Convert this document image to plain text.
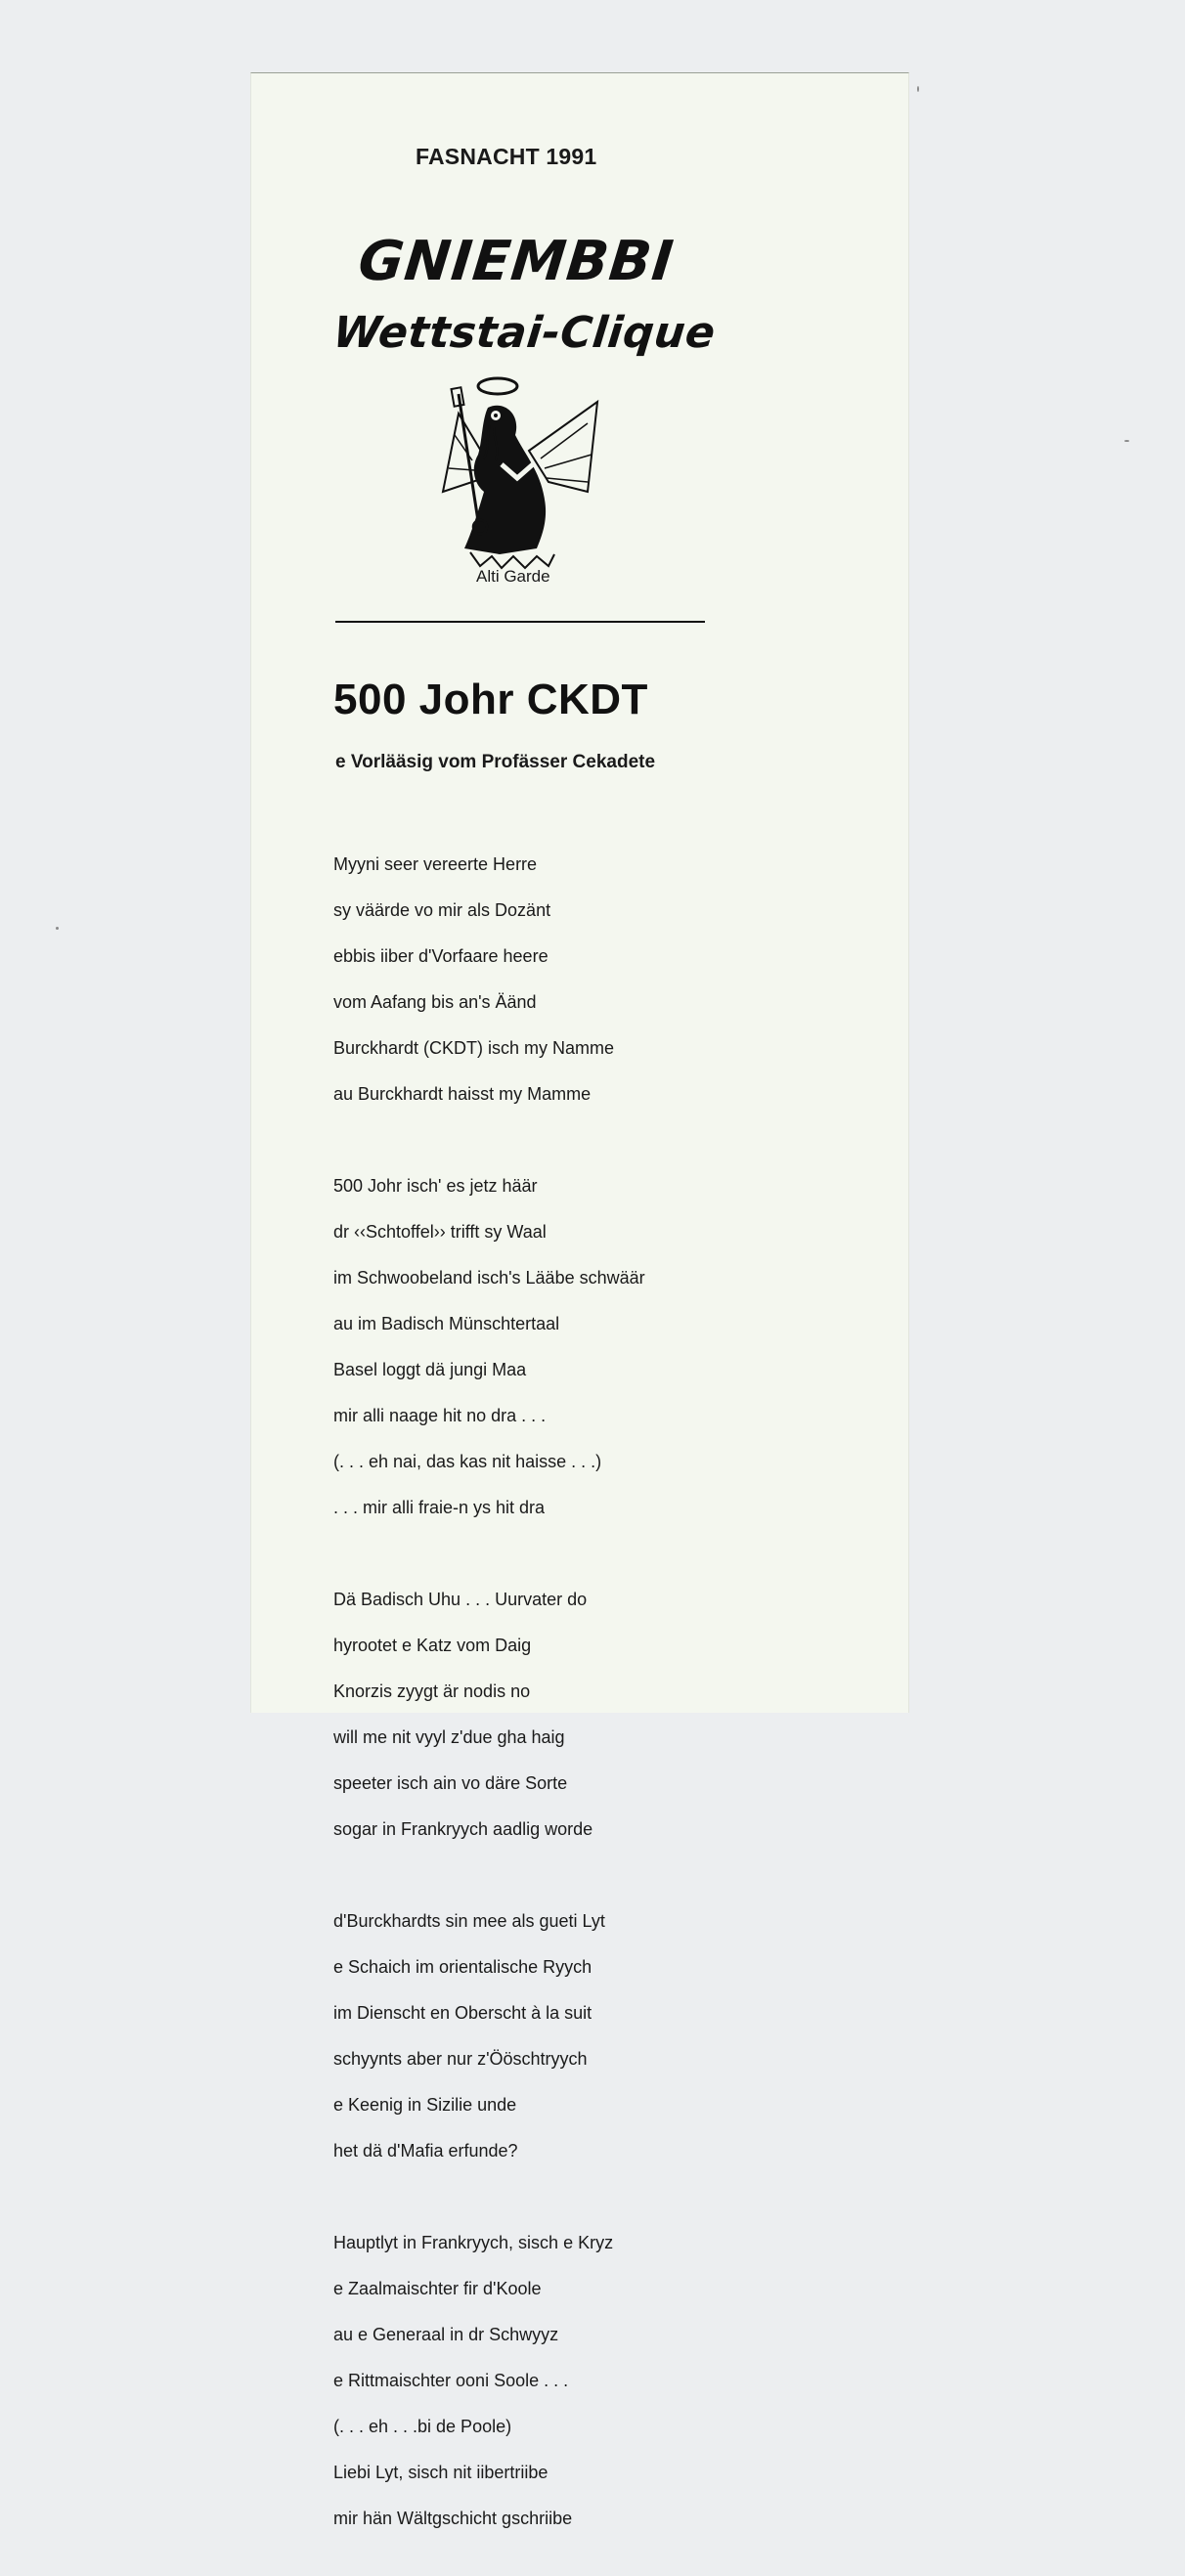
FASNACHT 1991
GNIEMBBI
Wettstai-Clique

Alti Garde

500 Johr CKDT

e Vorlääsig vom Profässer Cekadete

Myyni seer vereerte Herre

sy väärde vo mir als Dozänt

ebbis iiber d'Vorfaare heere

vom Aafang bis an's Äänd

Burckhardt (CKDT) isch my Namme

au Burckhardt haisst my Mamme

500 Johr isch' es jetz häär

dr ‹‹Schtoffel›› trifft sy Waal

im Schwoobeland isch's Lääbe schwäär

au im Badisch Münschtertaal

Basel loggt dä jungi Maa

mir alli naage hit no dra . . .

(. . . eh nai, das kas nit haisse . . .)

. . . mir alli fraie-n ys hit dra

Dä Badisch Uhu . . . Uurvater do

hyrootet e Katz vom Daig

Knorzis zyygt är nodis no

will me nit vyyl z'due gha haig

speeter isch ain vo däre Sorte

sogar in Frankryych aadlig worde

d'Burckhardts sin mee als gueti Lyt

e Schaich im orientalische Ryych

im Dienscht en Oberscht à la suit

schyynts aber nur z'Ööschtryych

e Keenig in Sizilie unde

het dä d'Mafia erfunde?

Hauptlyt in Frankryych, sisch e Kryz

e Zaalmaischter fir d'Koole

au e Generaal in dr Schwyyz

e Rittmaischter ooni Soole . . .

(. . . eh . . .bi de Poole)

Liebi Lyt, sisch nit iibertriibe

mir hän Wältgschicht gschriibe
